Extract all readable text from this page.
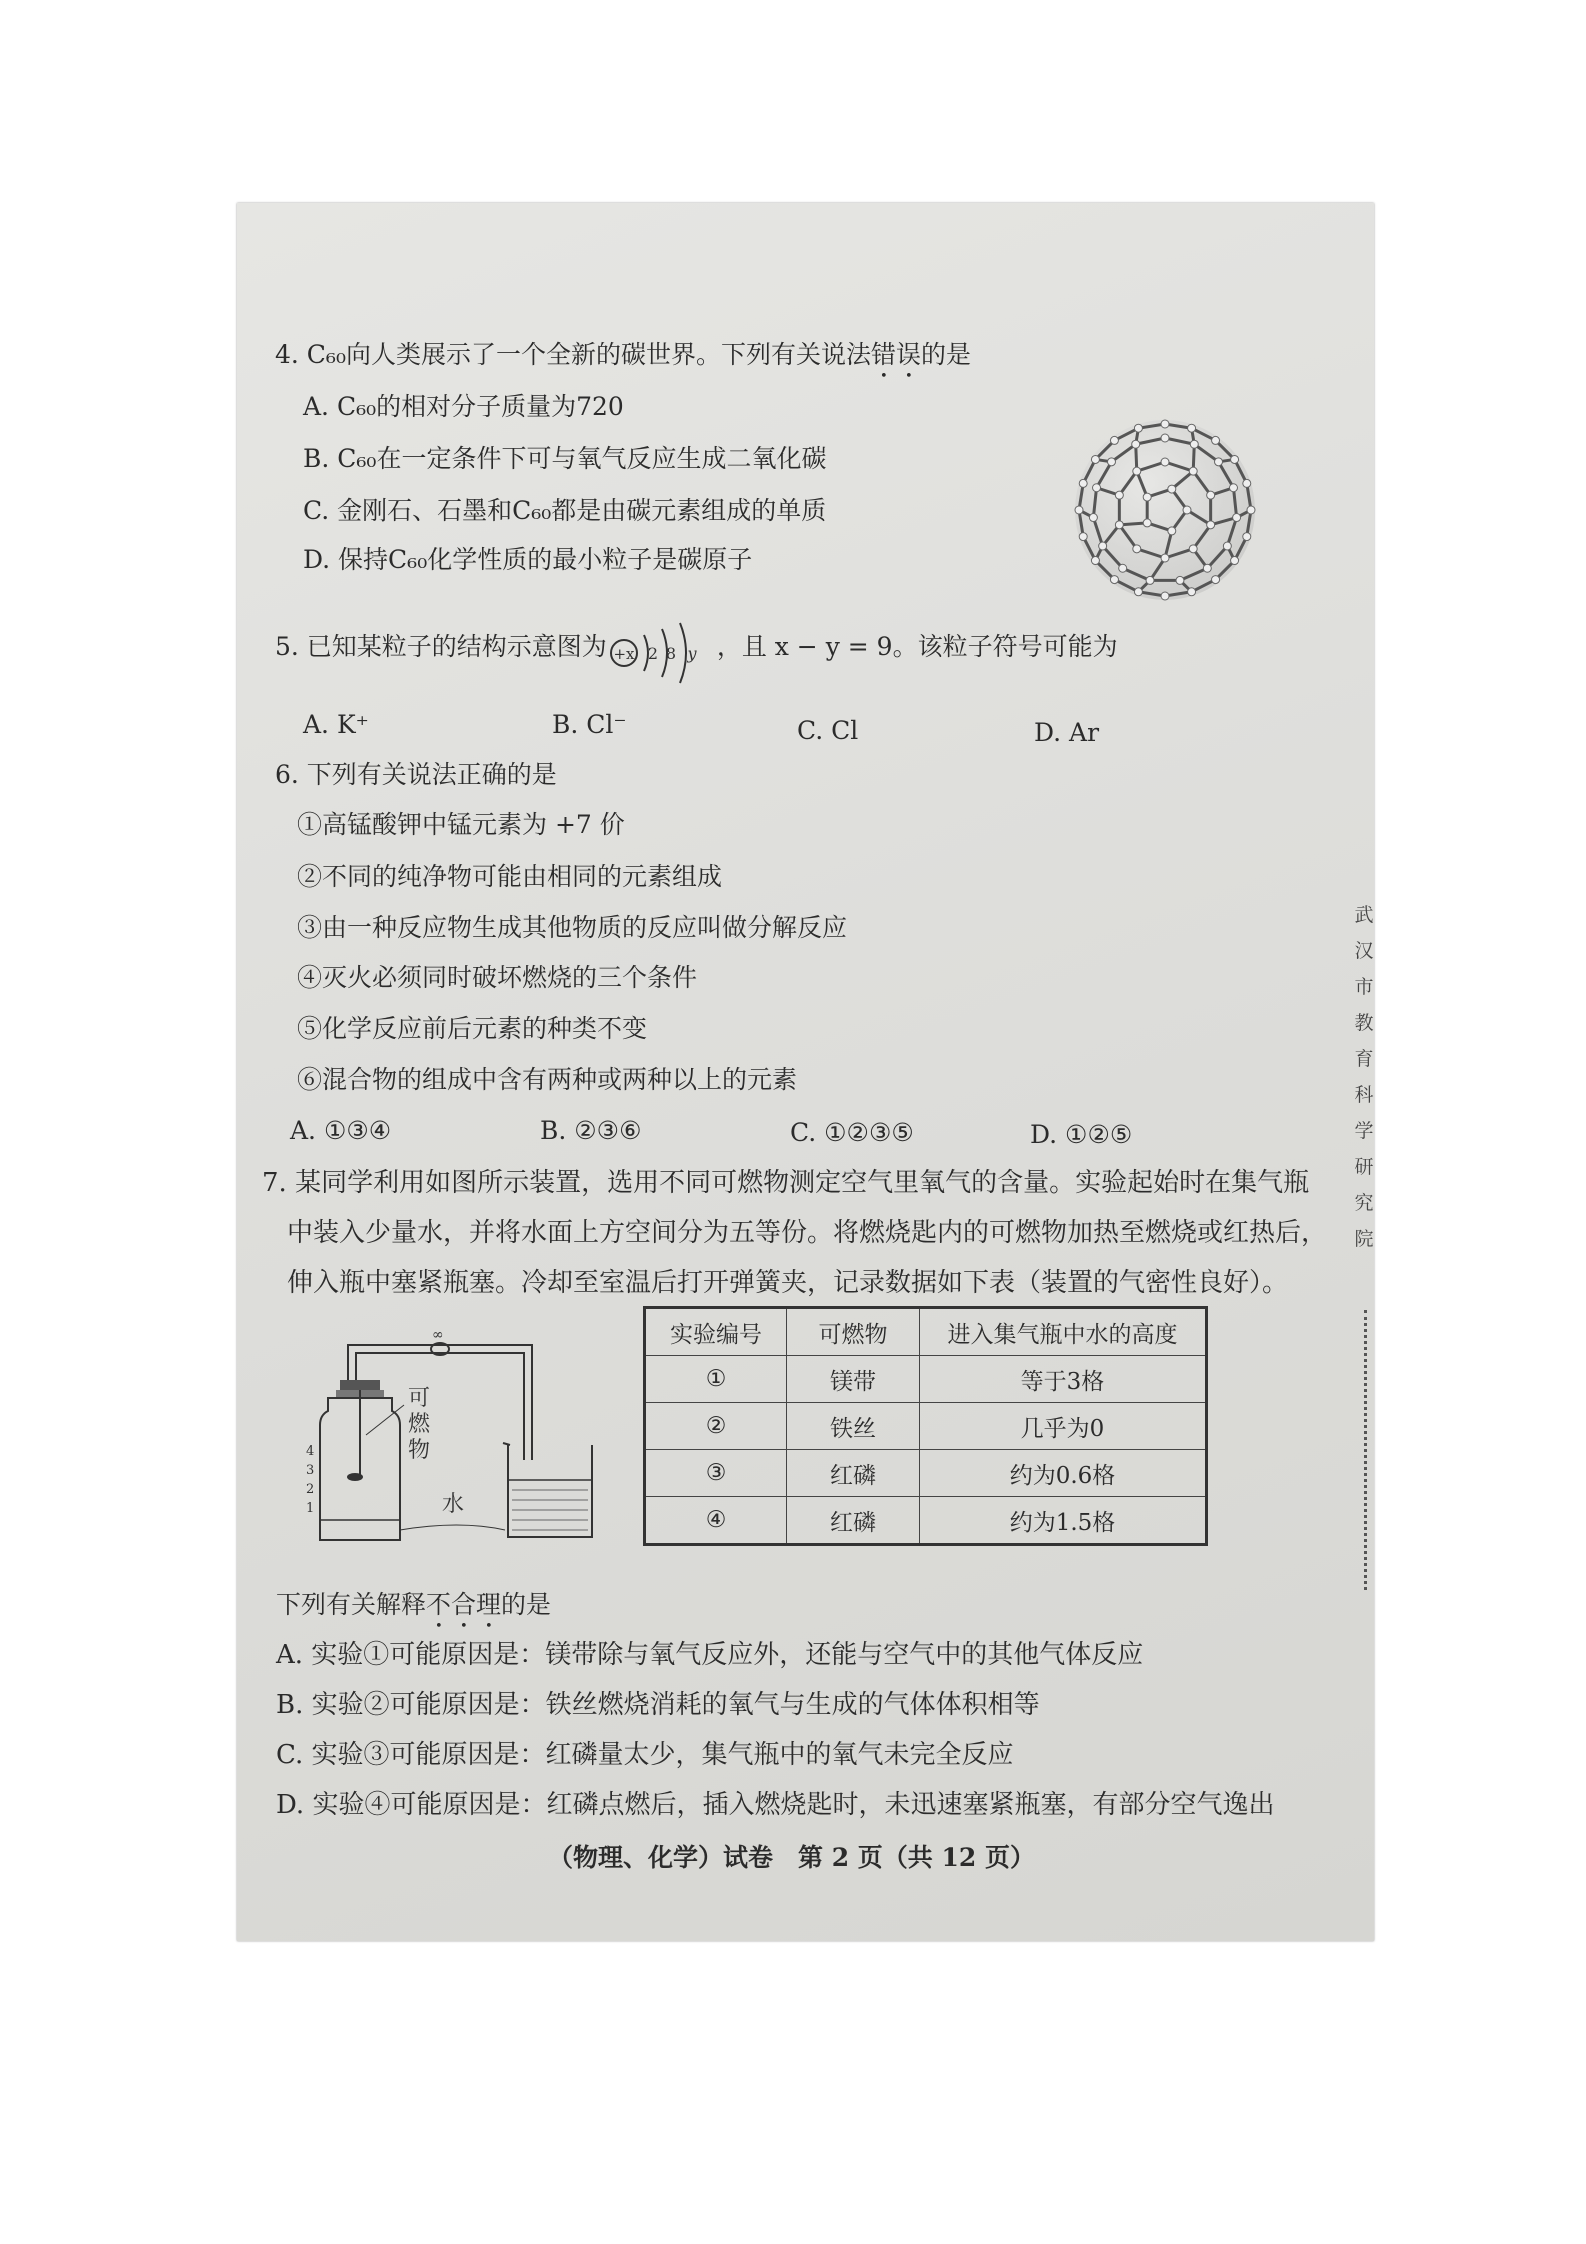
4. C₆₀向人类展示了一个全新的碳世界。下列有关说法错误的是
A. C₆₀的相对分子质量为720
B. C₆₀在一定条件下可与氧气反应生成二氧化碳
C. 金刚石、石墨和C₆₀都是由碳元素组成的单质
D. 保持C₆₀化学性质的最小粒子是碳原子
5. 已知某粒子的结构示意图为	，且 x − y = 9。该粒子符号可能为
+x 2 8 y
A. K⁺	B. Cl⁻	C. Cl	D. Ar
6. 下列有关说法正确的是
①高锰酸钾中锰元素为 +7 价
②不同的纯净物可能由相同的元素组成
③由一种反应物生成其他物质的反应叫做分解反应
④灭火必须同时破坏燃烧的三个条件
⑤化学反应前后元素的种类不变
⑥混合物的组成中含有两种或两种以上的元素
A. ①③④	B. ②③⑥	C. ①②③⑤	D. ①②⑤
7. 某同学利用如图所示装置，选用不同可燃物测定空气里氧气的含量。实验起始时在集气瓶
中装入少量水，并将水面上方空间分为五等份。将燃烧匙内的可燃物加热至燃烧或红热后，
伸入瓶中塞紧瓶塞。冷却至室温后打开弹簧夹，记录数据如下表（装置的气密性良好）。
∞
4
3
2
1
可
燃
物
水
实验编号	可燃物	进入集气瓶中水的高度
①	镁带	等于3格
②	铁丝	几乎为0
③	红磷	约为0.6格
④	红磷	约为1.5格
下列有关解释不合理的是
A. 实验①可能原因是：镁带除与氧气反应外，还能与空气中的其他气体反应
B. 实验②可能原因是：铁丝燃烧消耗的氧气与生成的气体体积相等
C. 实验③可能原因是：红磷量太少，集气瓶中的氧气未完全反应
D. 实验④可能原因是：红磷点燃后，插入燃烧匙时，未迅速塞紧瓶塞，有部分空气逸出
（物理、化学）试卷　第 2 页（共 12 页）
武
汉
市
教
育
科
学
研
究
院
